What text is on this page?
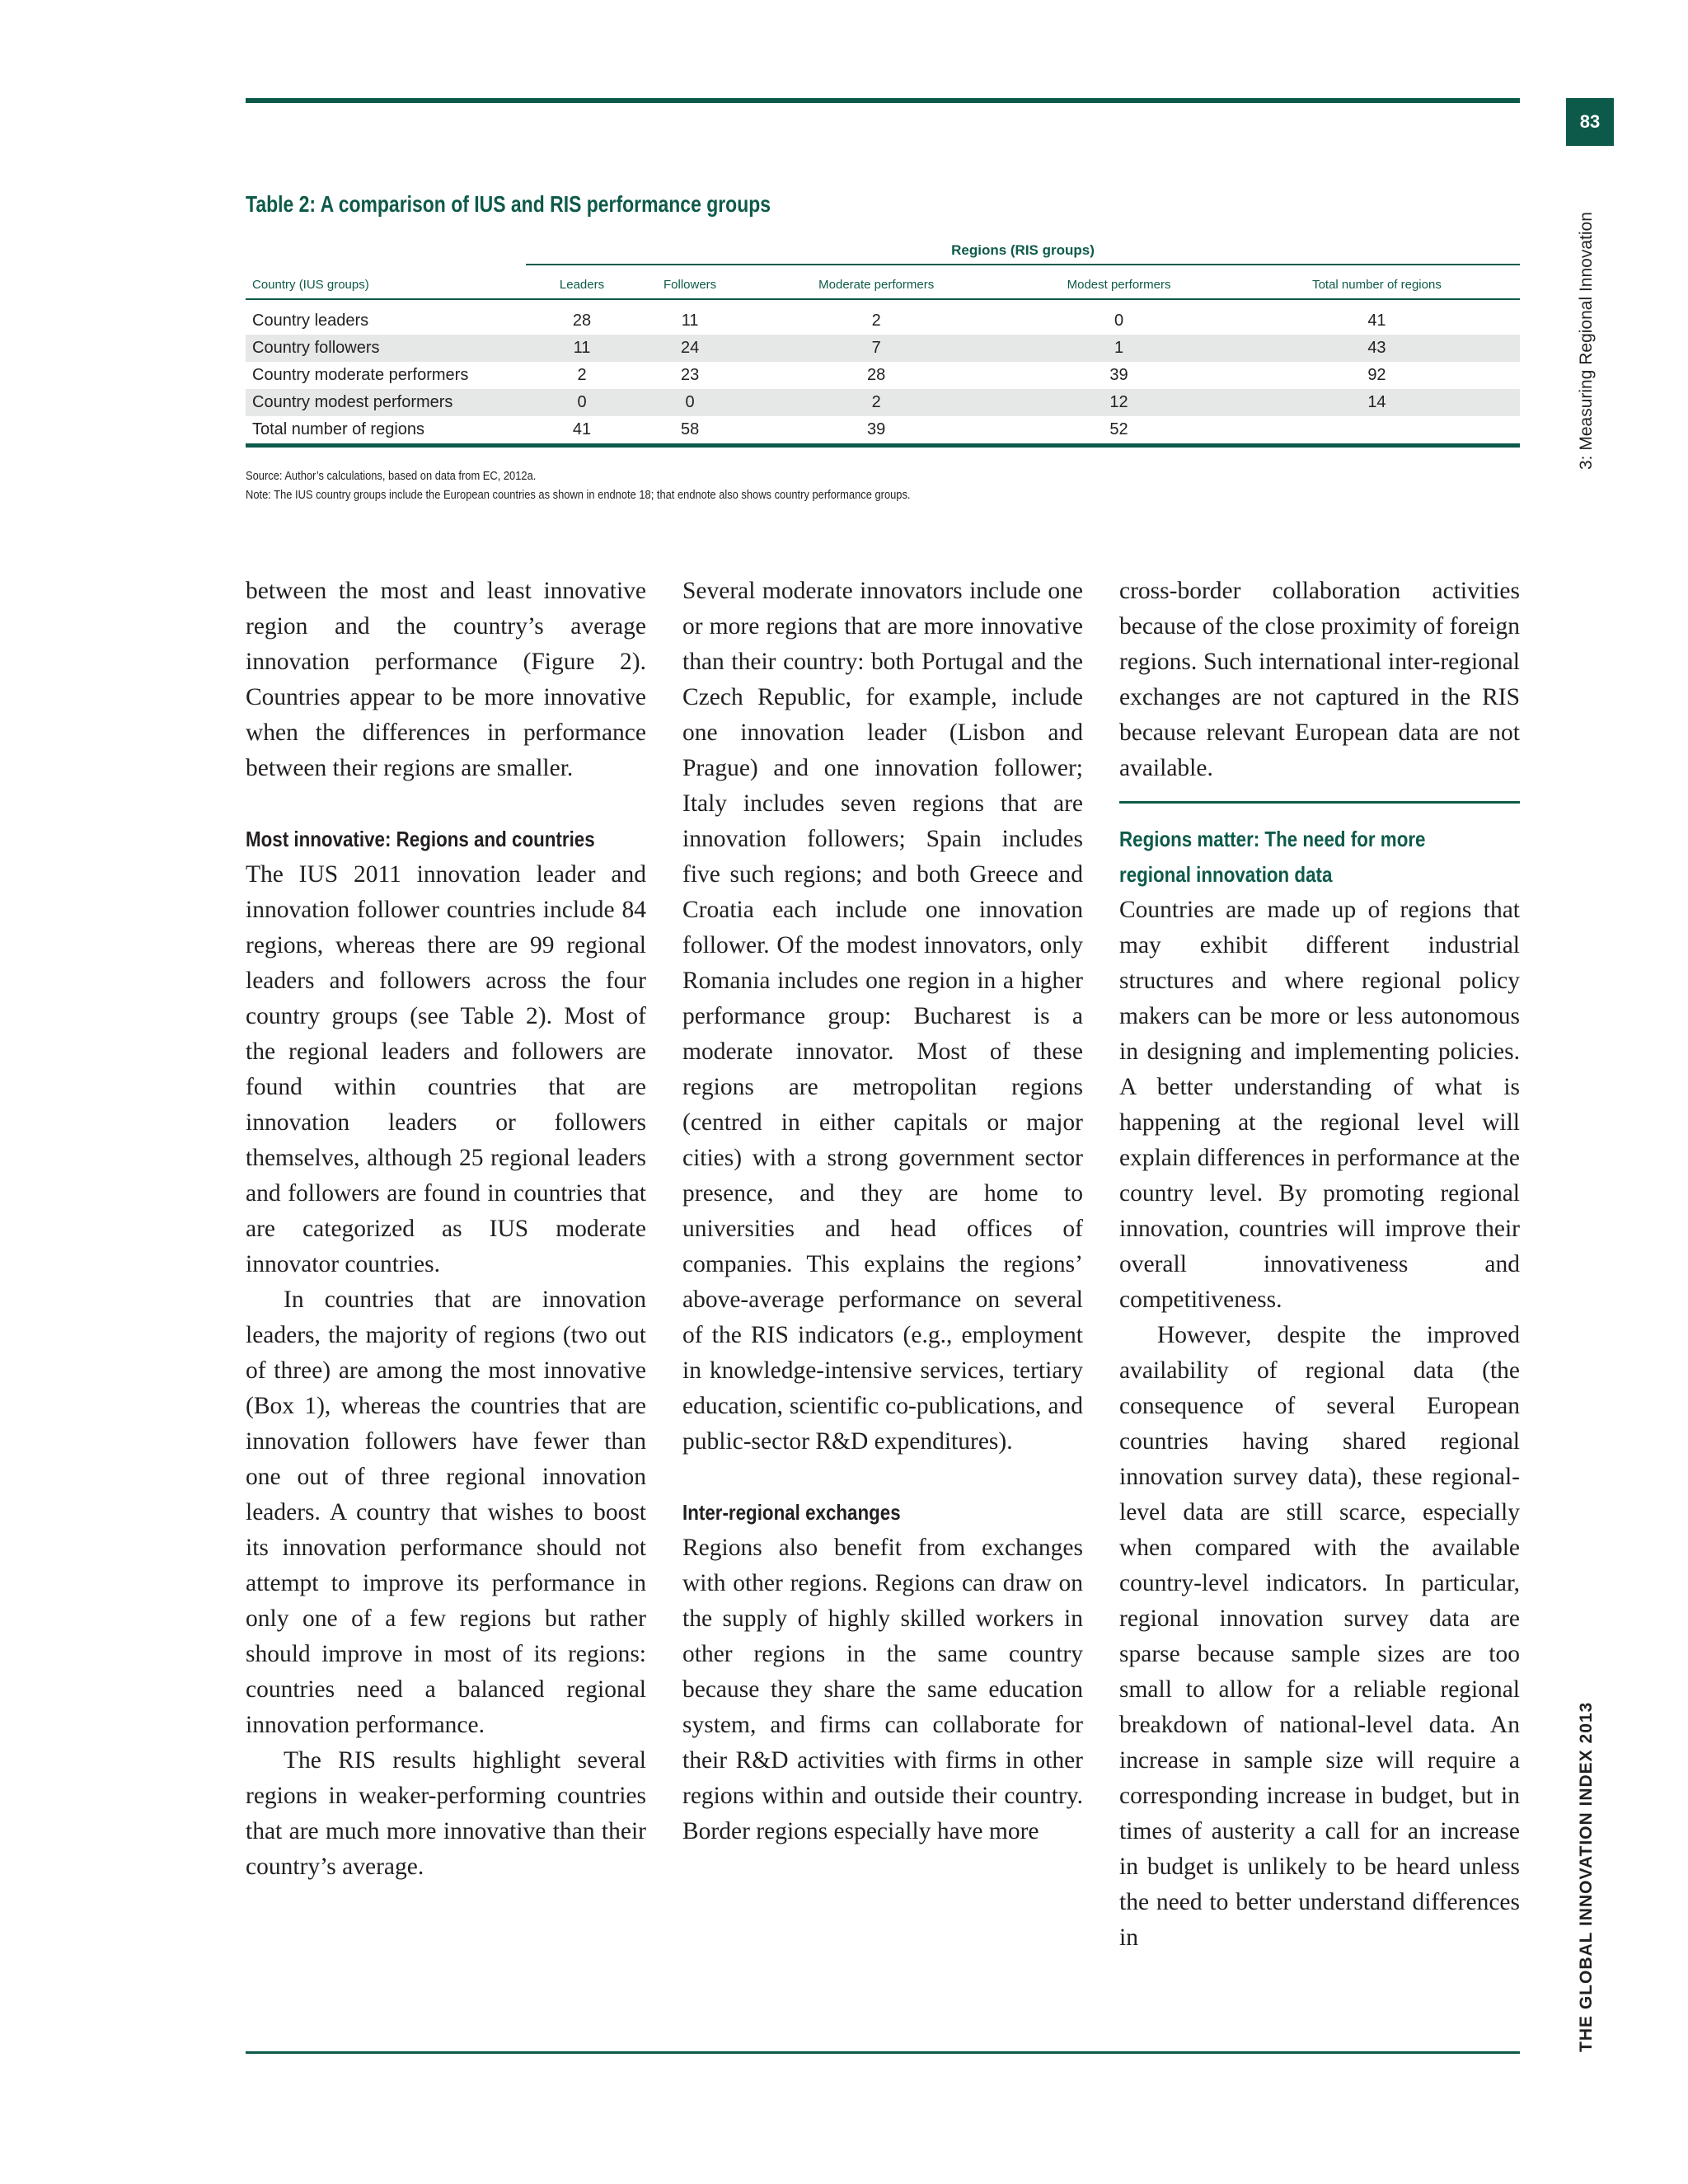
83
3: Measuring Regional Innovation
THE GLOBAL INNOVATION INDEX 2013
Table 2: A comparison of IUS and RIS performance groups
Regions (RIS groups)
Country (IUS groups)	Leaders	Followers	Moderate performers	Modest performers	Total number of regions

Country leaders	28	11	2	0	41
Country followers	11	24	7	1	43
Country moderate performers	2	23	28	39	92
Country modest performers	0	0	2	12	14
Total number of regions	41	58	39	52	
Source: Author’s calculations, based on data from EC, 2012a.
Note: The IUS country groups include the European countries as shown in endnote 18; that endnote also shows country performance groups.

between the most and least innovative region and the country’s average innovation performance (Figure 2). Countries appear to be more innovative when the differences in performance between their regions are smaller.

Most innovative: Regions and countries

The IUS 2011 innovation leader and innovation follower countries include 84 regions, whereas there are 99 regional leaders and followers across the four country groups (see Table 2). Most of the regional leaders and followers are found within countries that are innovation leaders or followers themselves, although 25 regional leaders and followers are found in countries that are categorized as IUS moderate innovator countries.

In countries that are innovation leaders, the majority of regions (two out of three) are among the most innovative (Box 1), whereas the countries that are innovation followers have fewer than one out of three regional innovation leaders. A country that wishes to boost its innovation performance should not attempt to improve its performance in only one of a few regions but rather should improve in most of its regions: countries need a balanced regional innovation performance.

The RIS results highlight several regions in weaker-performing countries that are much more innovative than their country’s average.

Several moderate innovators include one or more regions that are more innovative than their country: both Portugal and the Czech Republic, for example, include one innovation leader (Lisbon and Prague) and one innovation follower; Italy includes seven regions that are innovation followers; Spain includes five such regions; and both Greece and Croatia each include one innovation follower. Of the modest innovators, only Romania includes one region in a higher performance group: Bucharest is a moderate innovator. Most of these regions are metropolitan regions (centred in either capitals or major cities) with a strong government sector presence, and they are home to universities and head offices of companies. This explains the regions’ above-average performance on several of the RIS indicators (e.g., employment in knowledge-intensive services, tertiary education, scientific co-publications, and public-sector R&D expenditures).

Inter-regional exchanges

Regions also benefit from exchanges with other regions. Regions can draw on the supply of highly skilled workers in other regions in the same country because they share the same education system, and firms can collaborate for their R&D activities with firms in other regions within and outside their country. Border regions especially have more

cross-border collaboration activities because of the close proximity of foreign regions. Such international inter-regional exchanges are not captured in the RIS because relevant European data are not available.

Regions matter: The need for more
regional innovation data

Countries are made up of regions that may exhibit different industrial structures and where regional policy makers can be more or less autonomous in designing and implementing policies. A better understanding of what is happening at the regional level will explain differences in performance at the country level. By promoting regional innovation, countries will improve their overall innovativeness and competitiveness.

However, despite the improved availability of regional data (the consequence of several European countries having shared regional innovation survey data), these regional-level data are still scarce, especially when compared with the available country-level indicators. In particular, regional innovation survey data are sparse because sample sizes are too small to allow for a reliable regional breakdown of national-level data. An increase in sample size will require a corresponding increase in budget, but in times of austerity a call for an increase in budget is unlikely to be heard unless the need to better understand differences in
